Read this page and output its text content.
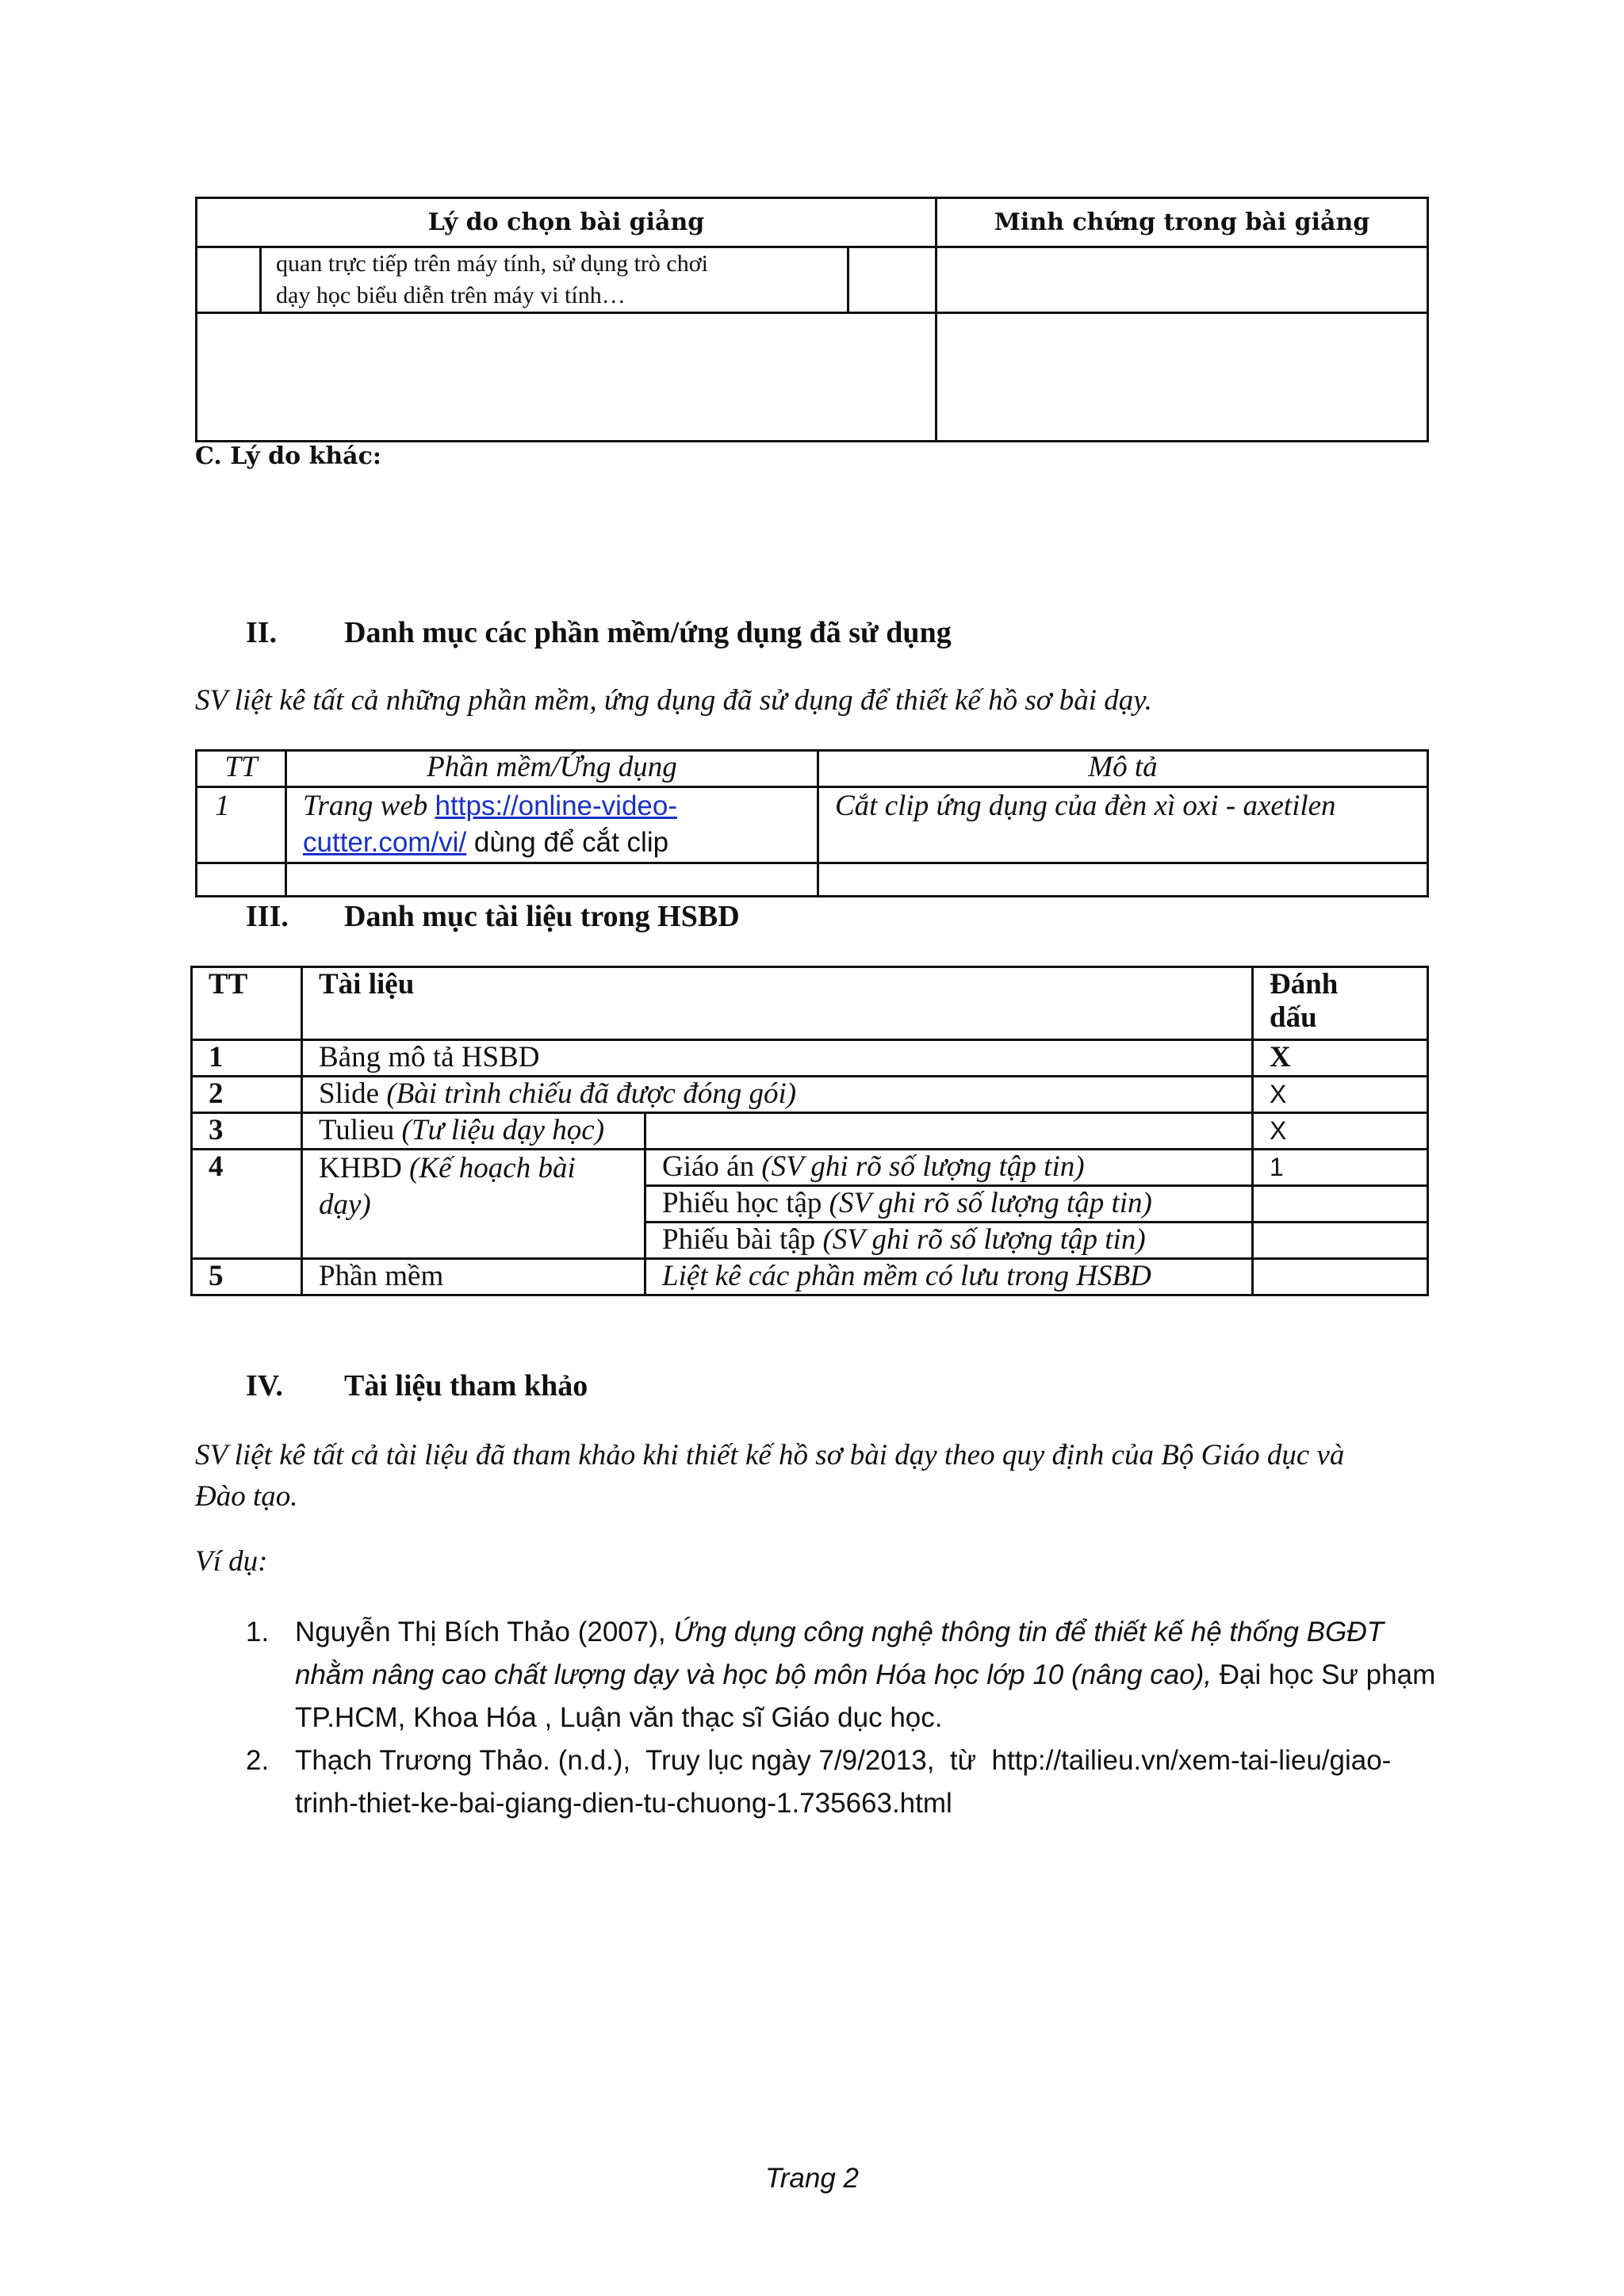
Lý do chọn bài giảng			Minh chứng trong bài giảng

	quan trực tiếp trên máy tính, sử dụng trò chơi
dạy học biểu diễn trên máy vi tính…		

C. Lý do khác:
II. Danh mục các phần mềm/ứng dụng đã sử dụng
SV liệt kê tất cả những phần mềm, ứng dụng đã sử dụng để thiết kế hồ sơ bài dạy.
TT	Phần mềm/Ứng dụng	Mô tả
1	Trang web https://online-video-
cutter.com/vi/ dùng để cắt clip	Cắt clip ứng dụng của đèn xì oxi - axetilen

III. Danh mục tài liệu trong HSBD
TT	Tài liệu		Đánh
dấu

1	Bảng mô tả HSBD		X
2	Slide (Bài trình chiếu đã được đóng gói)		X
3	Tulieu (Tư liệu dạy học)		X
4	KHBD (Kế hoạch bài dạy)	Giáo án (SV ghi rõ số lượng tập tin)	1
		Phiếu học tập (SV ghi rõ số lượng tập tin)	
		Phiếu bài tập (SV ghi rõ số lượng tập tin)	
5	Phần mềm	Liệt kê các phần mềm có lưu trong HSBD	
IV. Tài liệu tham khảo
SV liệt kê tất cả tài liệu đã tham khảo khi thiết kế hồ sơ bài dạy theo quy định của Bộ Giáo dục và
Đào tạo.
Ví dụ:
1. Nguyễn Thị Bích Thảo (2007), Ứng dụng công nghệ thông tin để thiết kế hệ thống BGĐT
nhằm nâng cao chất lượng dạy và học bộ môn Hóa học lớp 10 (nâng cao), Đại học Sư phạm
TP.HCM, Khoa Hóa , Luận văn thạc sĩ Giáo dục học.
2. Thạch Trương Thảo. (n.d.),  Truy lục ngày 7/9/2013,  từ  http://tailieu.vn/xem-tai-lieu/giao-
trinh-thiet-ke-bai-giang-dien-tu-chuong-1.735663.html
Trang 2
